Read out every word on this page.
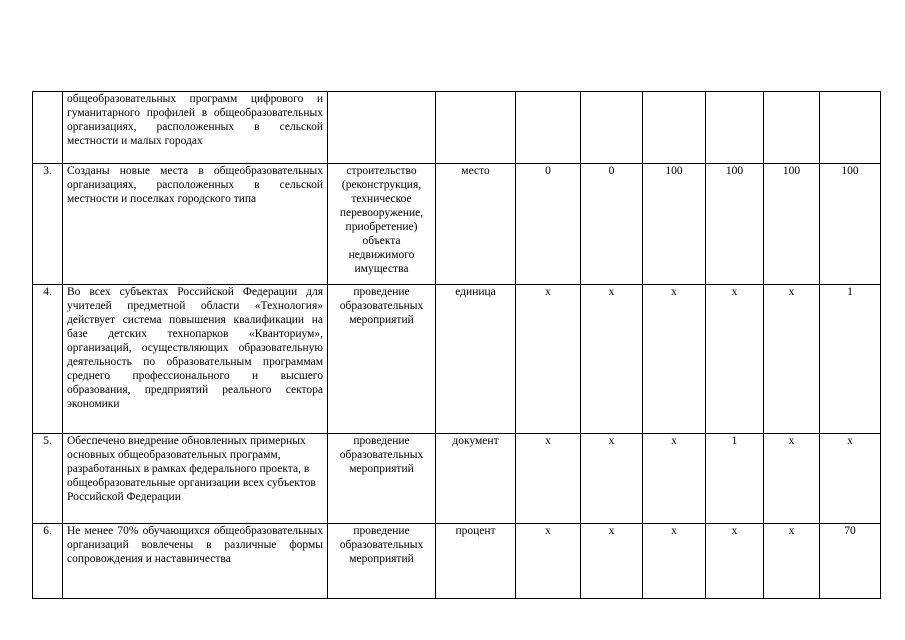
	общеобразовательных программ цифрового и гуманитарного профилей в общеобразовательных организациях, расположенных в сельской местности и малых городах								
3.	Созданы новые места в общеобразовательных организациях, расположенных в сельской местности и поселках городского типа	строительство (реконструкция, техническое перевооружение, приобретение) объекта недвижимого имущества	место	0	0	100	100	100	100
4.	Во всех субъектах Российской Федерации для учителей предметной области «Технология» действует система повышения квалификации на базе детских технопарков «Кванториум», организаций, осуществляющих образовательную деятельность по образовательным программам среднего профессионального и высшего образования, предприятий реального сектора экономики	проведение образовательных мероприятий	единица	х	х	х	х	х	1
5.	Обеспечено внедрение обновленных примерных основных общеобразовательных программ, разработанных в рамках федерального проекта, в общеобразовательные организации всех субъектов Российской Федерации	проведение образовательных мероприятий	документ	х	х	х	1	х	х
6.	Не менее 70% обучающихся общеобразовательных организаций вовлечены в различные формы сопровождения и наставничества	проведение образовательных мероприятий	процент	х	х	х	х	х	70
